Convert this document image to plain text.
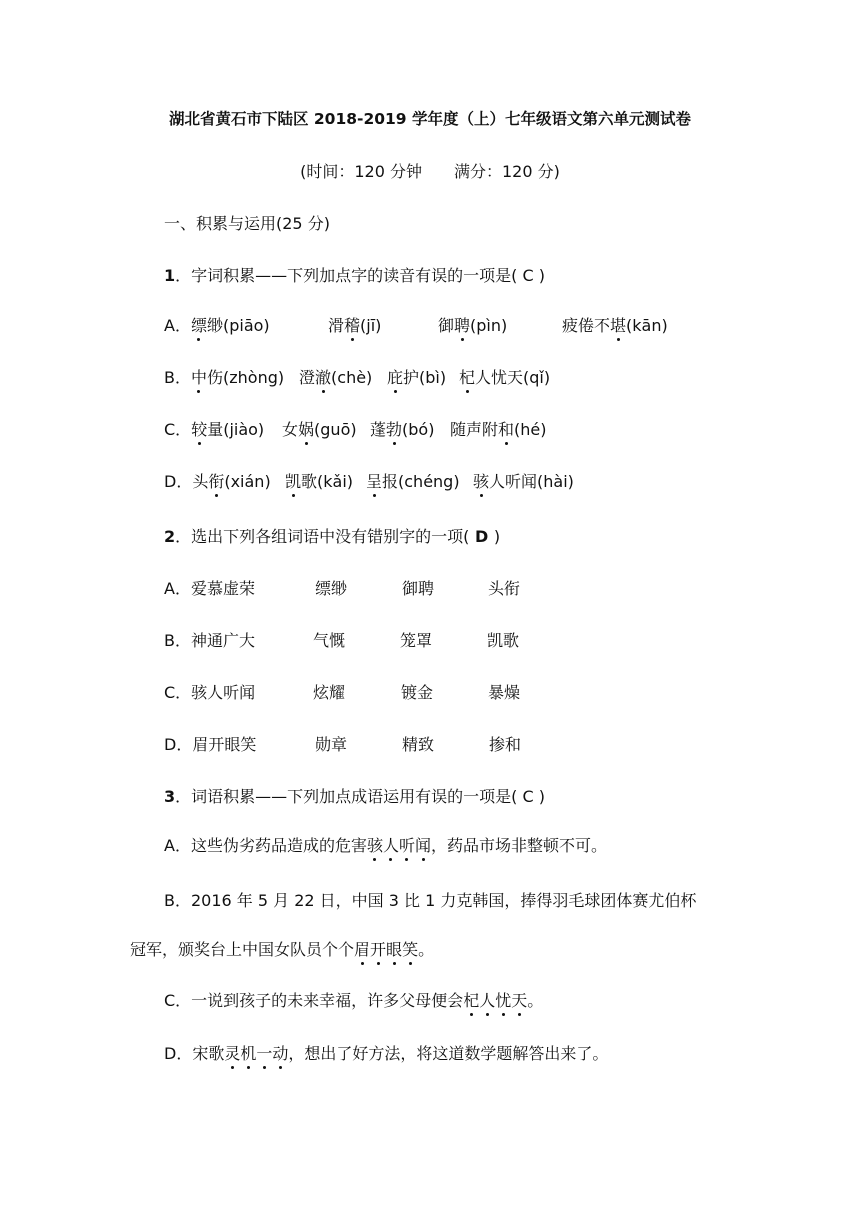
湖北省黄石市下陆区 2018-2019 学年度（上）七年级语文第六单元测试卷
(时间：120 分钟　　满分：120 分)
一、积累与运用(25 分)
1．字词积累——下列加点字的读音有误的一项是( C )
A．缥缈(piāo)	滑稽(jī)	御聘(pìn)	疲倦不堪(kān)
B．中伤(zhòng) 澄澈(chè) 庇护(bì) 杞人忧天(qǐ)
C．较量(jiào) 女娲(guō) 蓬勃(bó) 随声附和(hé)
D．头衔(xián) 凯歌(kǎi) 呈报(chéng) 骇人听闻(hài)
2．选出下列各组词语中没有错别字的一项( D )
A．爱慕虚荣	缥缈	御聘	头衔
B．神通广大	气慨	笼罩	凯歌
C．骇人听闻	炫耀	镀金	暴燥
D．眉开眼笑	勋章	精致	掺和
3．词语积累——下列加点成语运用有误的一项是( C )
A．这些伪劣药品造成的危害骇人听闻，药品市场非整顿不可。
B．2016 年 5 月 22 日，中国 3 比 1 力克韩国，捧得羽毛球团体赛尤伯杯
冠军，颁奖台上中国女队员个个眉开眼笑。
C．一说到孩子的未来幸福，许多父母便会杞人忧天。
D．宋歌灵机一动，想出了好方法，将这道数学题解答出来了。
